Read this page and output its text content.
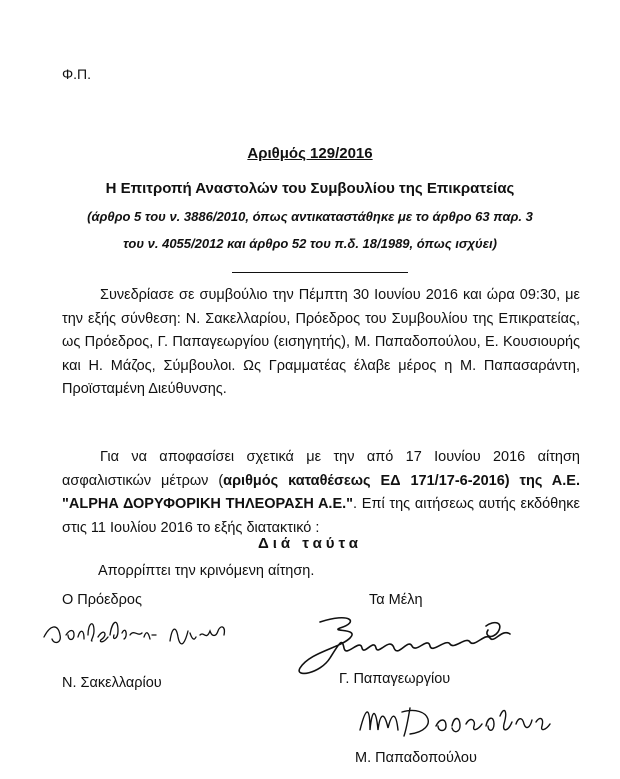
Φ.Π.
Αριθμός 129/2016
Η Επιτροπή Αναστολών του Συμβουλίου της Επικρατείας
(άρθρο 5 του ν. 3886/2010, όπως αντικαταστάθηκε με το άρθρο 63 παρ. 3
του ν. 4055/2012 και άρθρο 52 του π.δ. 18/1989, όπως ισχύει)
Συνεδρίασε σε συμβούλιο την Πέμπτη 30 Ιουνίου 2016 και ώρα 09:30, με την εξής σύνθεση: Ν. Σακελλαρίου, Πρόεδρος του Συμβουλίου της Επικρατείας, ως Πρόεδρος, Γ. Παπαγεωργίου (εισηγητής), Μ. Παπαδοπούλου, Ε. Κουσιουρής και Η. Μάζος, Σύμβουλοι. Ως Γραμματέας έλαβε μέρος η Μ. Παπασαράντη, Προϊσταμένη Διεύθυνσης.
Για να αποφασίσει σχετικά με την από 17 Ιουνίου 2016 αίτηση ασφαλιστικών μέτρων (αριθμός καταθέσεως ΕΔ 171/17-6-2016) της Α.Ε. "ALPHA ΔΟΡΥΦΟΡΙΚΗ ΤΗΛΕΟΡΑΣΗ Α.Ε.". Επί της αιτήσεως αυτής εκδόθηκε στις 11 Ιουλίου 2016 το εξής διατακτικό :
Διά ταύτα
Απορρίπτει την κρινόμενη αίτηση.
Ο Πρόεδρος	Τα Μέλη
Ν. Σακελλαρίου	Γ. Παπαγεωργίου
Μ. Παπαδοπούλου
